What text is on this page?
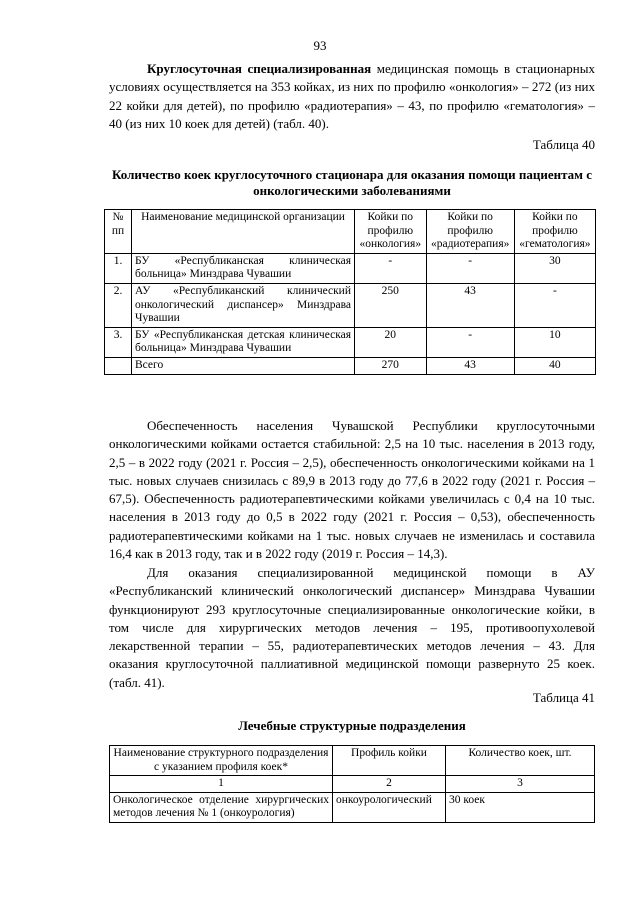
93

Круглосуточная специализированная медицинская помощь в стационарных условиях осуществляется на 353 койках, из них по профилю «онкология» – 272 (из них 22 койки для детей), по профилю «радиотерапия» – 43, по профилю «гематология» – 40 (из них 10 коек для детей) (табл. 40).

Таблица 40
Количество коек круглосуточного стационара для оказания помощи пациентам с онкологическими заболеваниями
№ пп	Наименование медицинской организации	Койки по профилю «онкология»	Койки по профилю «радиотерапия»	Койки по профилю «гематология»
1.	БУ «Республиканская клиническая больница» Минздрава Чувашии	-	-	30
2.	АУ «Республиканский клинический онкологический диспансер» Минздрава Чувашии	250	43	-
3.	БУ «Республиканская детская клиническая больница» Минздрава Чувашии	20	-	10
	Всего	270	43	40

Обеспеченность населения Чувашской Республики круглосуточными онкологическими койками остается стабильной: 2,5 на 10 тыс. населения в 2013 году, 2,5 – в 2022 году (2021 г. Россия – 2,5), обеспеченность онкологическими койками на 1 тыс. новых случаев снизилась с 89,9 в 2013 году до 77,6 в 2022 году (2021 г. Россия – 67,5). Обеспеченность радиотерапевтическими койками увеличилась с 0,4 на 10 тыс. населения в 2013 году до 0,5 в 2022 году (2021 г. Россия – 0,53), обеспеченность радиотерапевтическими койками на 1 тыс. новых случаев не изменилась и составила 16,4 как в 2013 году, так и в 2022 году (2019 г. Россия – 14,3).

Для оказания специализированной медицинской помощи в АУ «Республиканский клинический онкологический диспансер» Минздрава Чувашии функционируют 293 круглосуточные специализированные онкологические койки, в том числе для хирургических методов лечения – 195, противоопухолевой лекарственной терапии – 55, радиотерапевтических методов лечения – 43. Для оказания круглосуточной паллиативной медицинской помощи развернуто 25 коек. (табл. 41).

Таблица 41
Лечебные структурные подразделения
Наименование структурного подразделения с указанием профиля коек*	Профиль койки	Количество коек, шт.
1	2	3
Онкологическое отделение хирургических методов лечения № 1 (онкоурология)	онкоурологический	30 коек
